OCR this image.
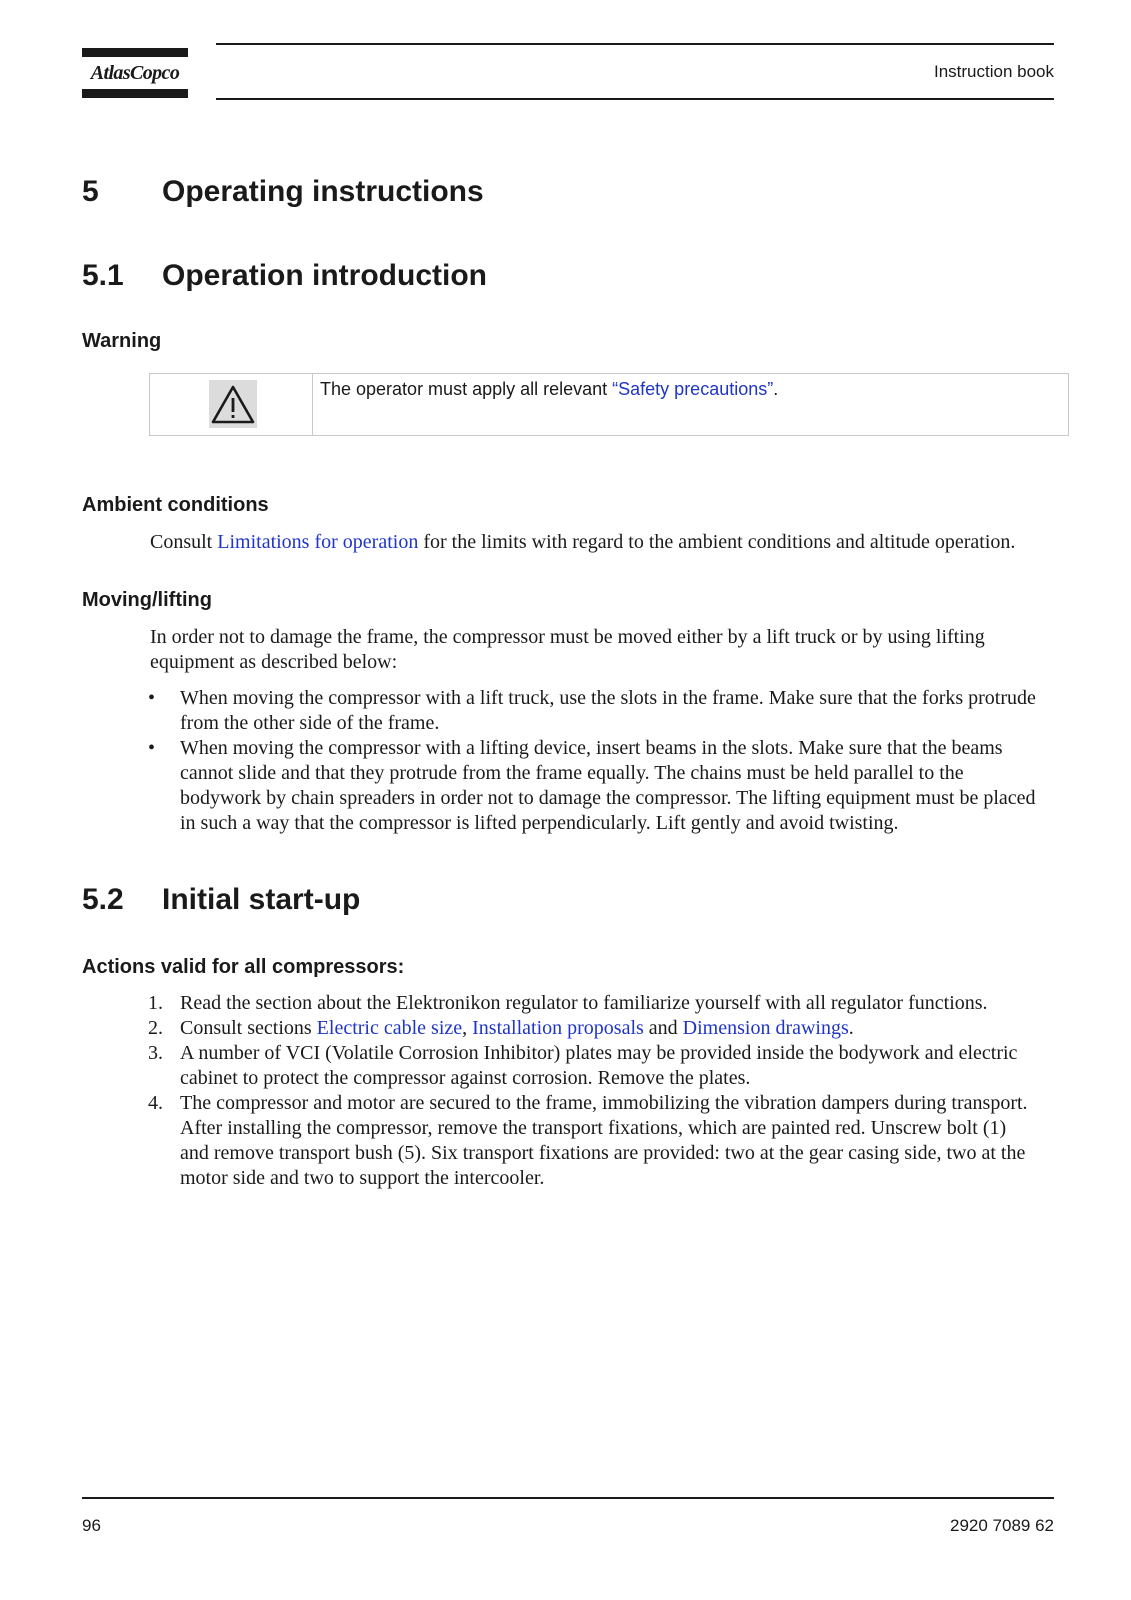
AtlasCopco	Instruction book
5 Operating instructions
5.1 Operation introduction
Warning
The operator must apply all relevant “Safety precautions”.
Ambient conditions
Consult Limitations for operation for the limits with regard to the ambient conditions and altitude operation.
Moving/lifting
In order not to damage the frame, the compressor must be moved either by a lift truck or by using lifting
equipment as described below:
•	When moving the compressor with a lift truck, use the slots in the frame. Make sure that the forks protrude
from the other side of the frame.
•	When moving the compressor with a lifting device, insert beams in the slots. Make sure that the beams
cannot slide and that they protrude from the frame equally. The chains must be held parallel to the
bodywork by chain spreaders in order not to damage the compressor. The lifting equipment must be placed
in such a way that the compressor is lifted perpendicularly. Lift gently and avoid twisting.
5.2 Initial start-up
Actions valid for all compressors:
1. Read the section about the Elektronikon regulator to familiarize yourself with all regulator functions.
2. Consult sections Electric cable size, Installation proposals and Dimension drawings.
3. A number of VCI (Volatile Corrosion Inhibitor) plates may be provided inside the bodywork and electric
cabinet to protect the compressor against corrosion. Remove the plates.
4. The compressor and motor are secured to the frame, immobilizing the vibration dampers during transport.
After installing the compressor, remove the transport fixations, which are painted red. Unscrew bolt (1)
and remove transport bush (5). Six transport fixations are provided: two at the gear casing side, two at the
motor side and two to support the intercooler.
96	2920 7089 62
